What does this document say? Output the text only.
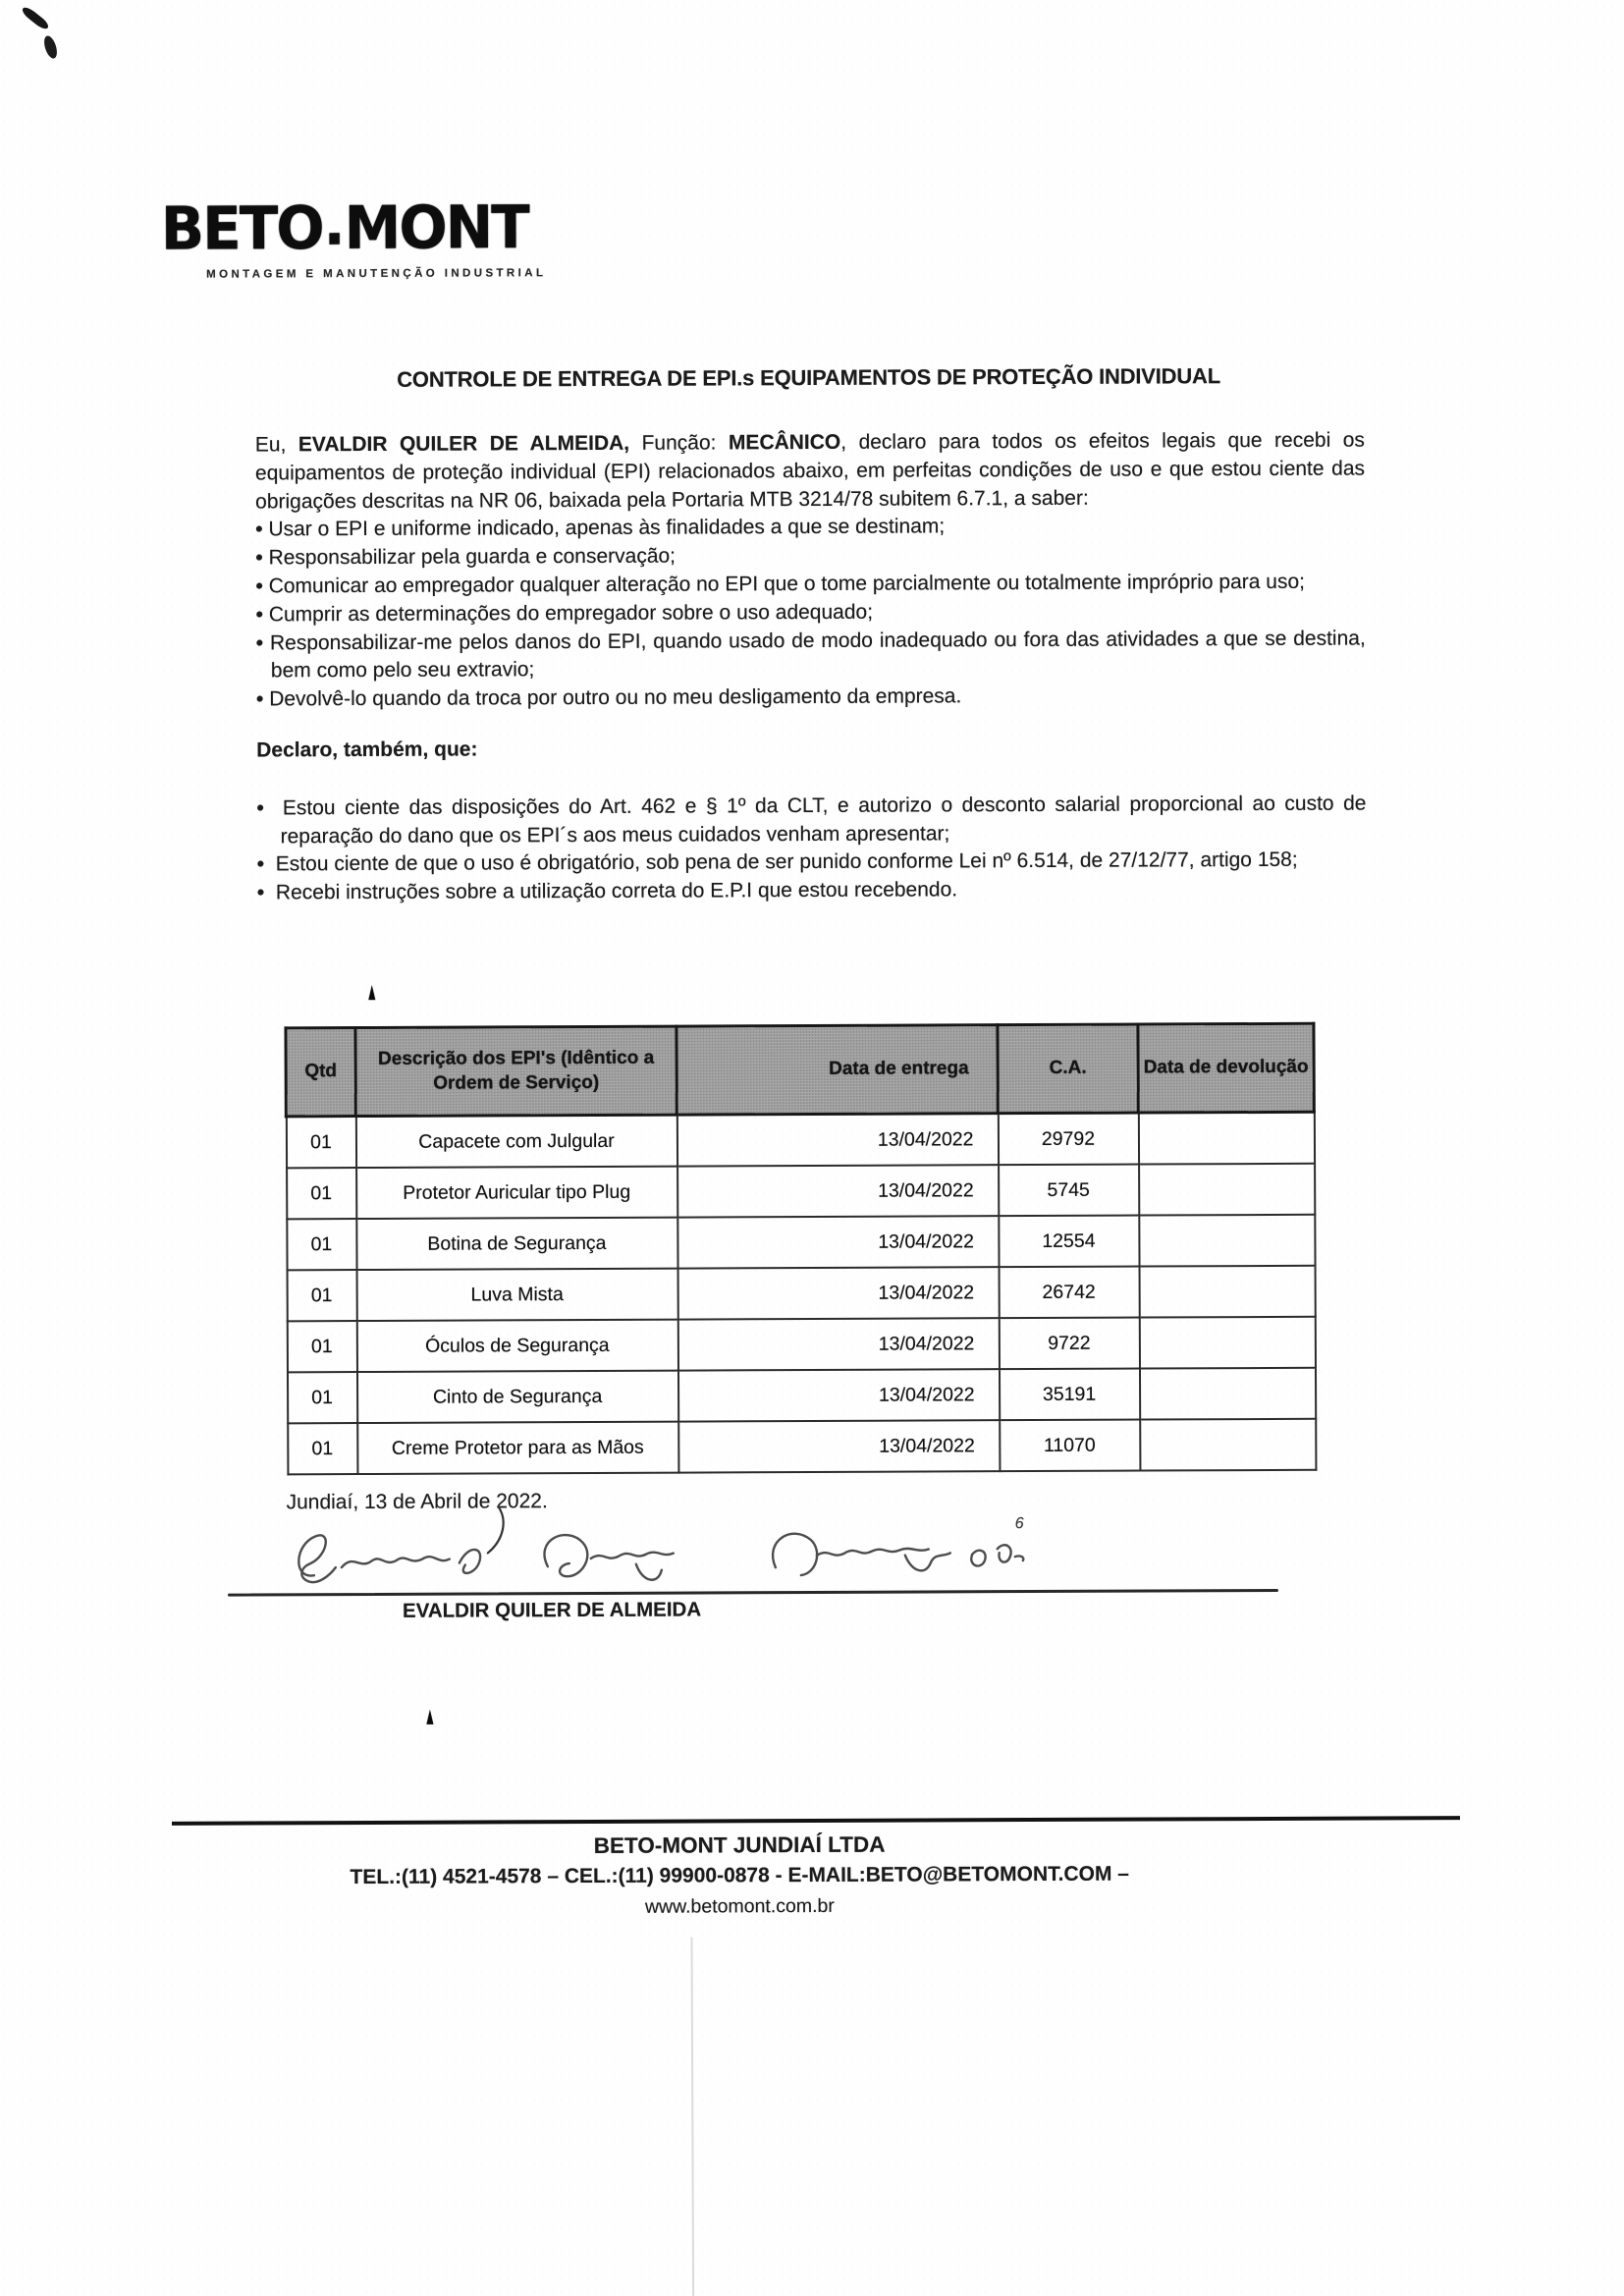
BETO.MONT
MONTAGEM E MANUTENÇÃO INDUSTRIAL
CONTROLE DE ENTREGA DE EPI.s EQUIPAMENTOS DE PROTEÇÃO INDIVIDUAL

Eu, EVALDIR QUILER DE ALMEIDA, Função: MECÂNICO, declaro para todos os efeitos legais que recebi os equipamentos de proteção individual (EPI) relacionados abaixo, em perfeitas condições de uso e que estou ciente das obrigações descritas na NR 06, baixada pela Portaria MTB 3214/78 subitem 6.7.1, a saber:

• Usar o EPI e uniforme indicado, apenas às finalidades a que se destinam;
• Responsabilizar pela guarda e conservação;
• Comunicar ao empregador qualquer alteração no EPI que o tome parcialmente ou totalmente impróprio para uso;
• Cumprir as determinações do empregador sobre o uso adequado;
• Responsabilizar-me pelos danos do EPI, quando usado de modo inadequado ou fora das atividades a que se destina, bem como pelo seu extravio;
• Devolvê-lo quando da troca por outro ou no meu desligamento da empresa.
Declaro, também, que:
•  Estou ciente das disposições do Art. 462 e § 1º da CLT, e autorizo o desconto salarial proporcional ao custo de reparação do dano que os EPI´s aos meus cuidados venham apresentar;
•  Estou ciente de que o uso é obrigatório, sob pena de ser punido conforme Lei nº 6.514, de 27/12/77, artigo 158;
•  Recebi instruções sobre a utilização correta do E.P.I que estou recebendo.
▲
Qtd	Descrição dos EPI's (Idêntico a Ordem de Serviço)	Data de entrega	C.A.	Data de devolução
01	Capacete com Julgular	13/04/2022	29792	
01	Protetor Auricular tipo Plug	13/04/2022	5745	
01	Botina de Segurança	13/04/2022	12554	
01	Luva Mista	13/04/2022	26742	
01	Óculos de Segurança	13/04/2022	9722	
01	Cinto de Segurança	13/04/2022	35191	
01	Creme Protetor para as Mãos	13/04/2022	11070	
Jundiaí, 13 de Abril de 2022.
6
EVALDIR QUILER DE ALMEIDA
▲
BETO-MONT JUNDIAÍ LTDA
TEL.:(11) 4521-4578 – CEL.:(11) 99900-0878 - E-MAIL:BETO@BETOMONT.COM –
www.betomont.com.br
